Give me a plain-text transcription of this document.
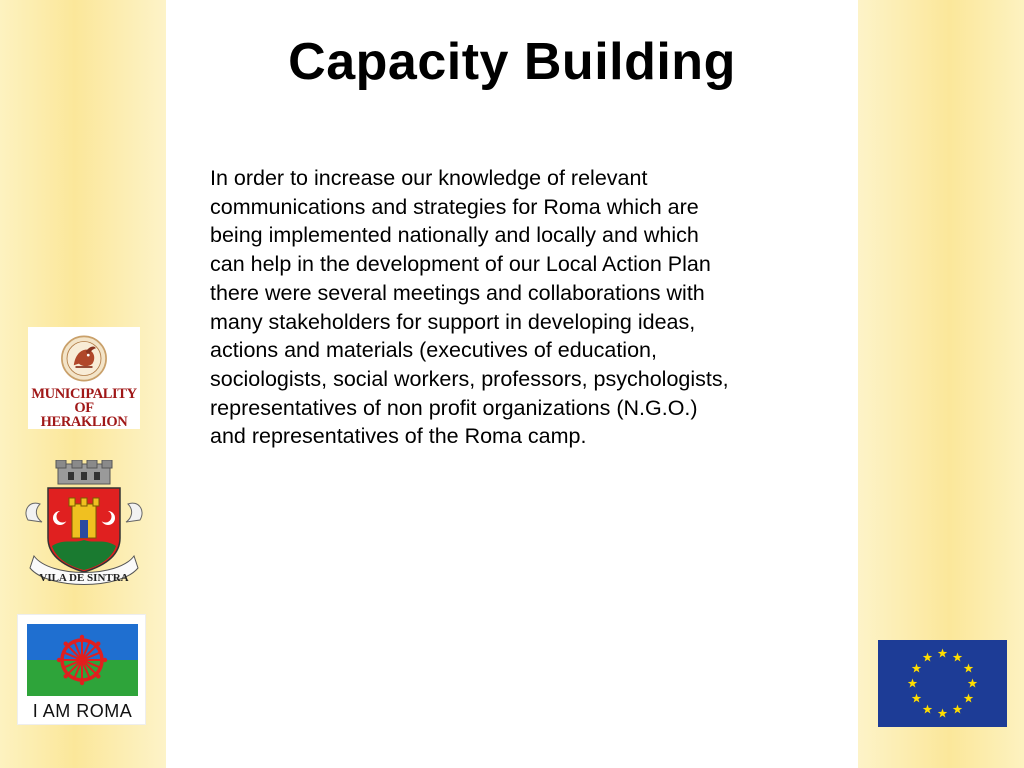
Capacity Building
In order to increase our knowledge of relevant
communications and strategies for Roma which are
being implemented nationally and locally and which
can help in the development of our Local Action Plan
there were several meetings and collaborations with
many stakeholders for support in developing ideas,
actions and materials (executives of education,
sociologists, social workers, professors, psychologists,
representatives of non profit organizations (N.G.O.)
and representatives of the Roma camp.
MUNICIPALITY OF
HERAKLION
VILA DE SINTRA
I AM ROMA
